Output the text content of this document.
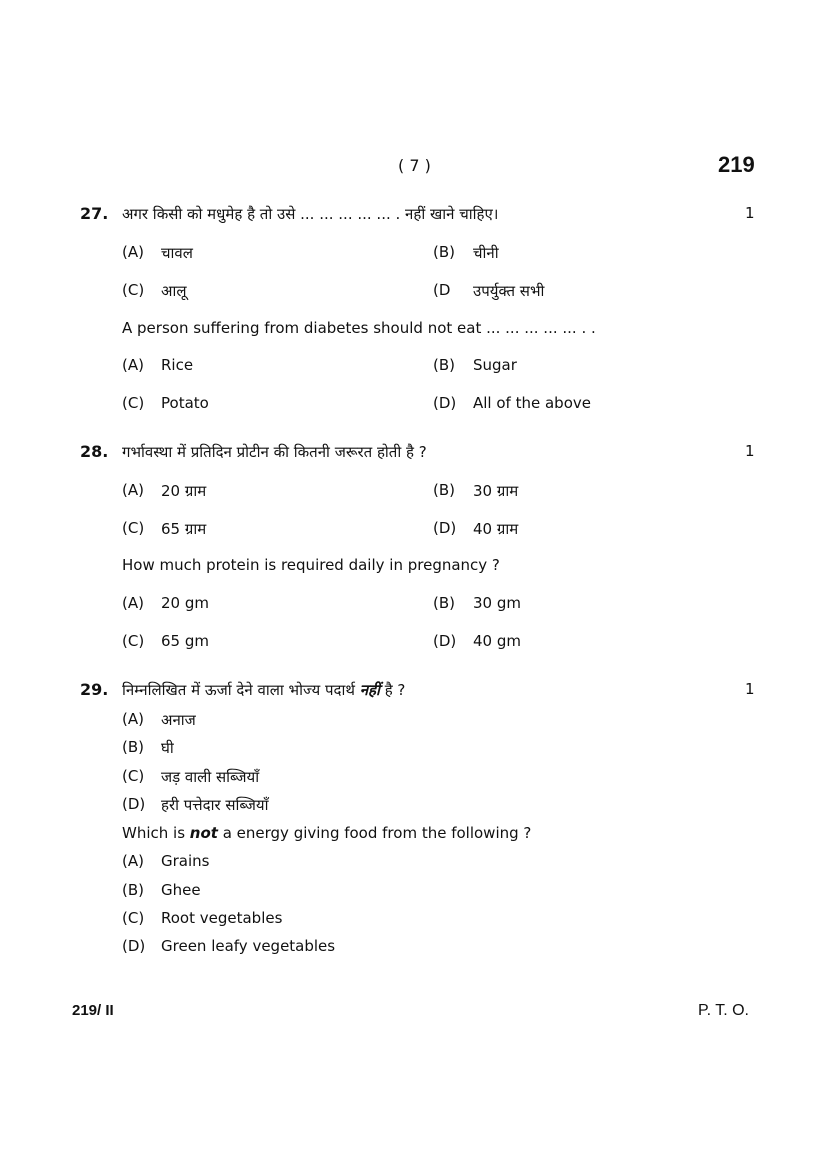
( 7 )	219
27. अगर किसी को मधुमेह है तो उसे ... ... ... ... ... . नहीं खाने चाहिए।	1
(A) चावल	(B) चीनी
(C) आलू	(D उपर्युक्त सभी
A person suffering from diabetes should not eat ... ... ... ... ... . .
(A) Rice	(B) Sugar
(C) Potato	(D) All of the above
28. गर्भावस्था में प्रतिदिन प्रोटीन की कितनी जरूरत होती है ?	1
(A) 20 ग्राम	(B) 30 ग्राम
(C) 65 ग्राम	(D) 40 ग्राम
How much protein is required daily in pregnancy ?
(A) 20 gm	(B) 30 gm
(C) 65 gm	(D) 40 gm
29. निम्नलिखित में ऊर्जा देने वाला भोज्य पदार्थ नहीं है ?	1
(A) अनाज
(B) घी
(C) जड़ वाली सब्जियाँ
(D) हरी पत्तेदार सब्जियाँ
Which is not a energy giving food from the following ?
(A) Grains
(B) Ghee
(C) Root vegetables
(D) Green leafy vegetables
219/ II	P. T. O.
